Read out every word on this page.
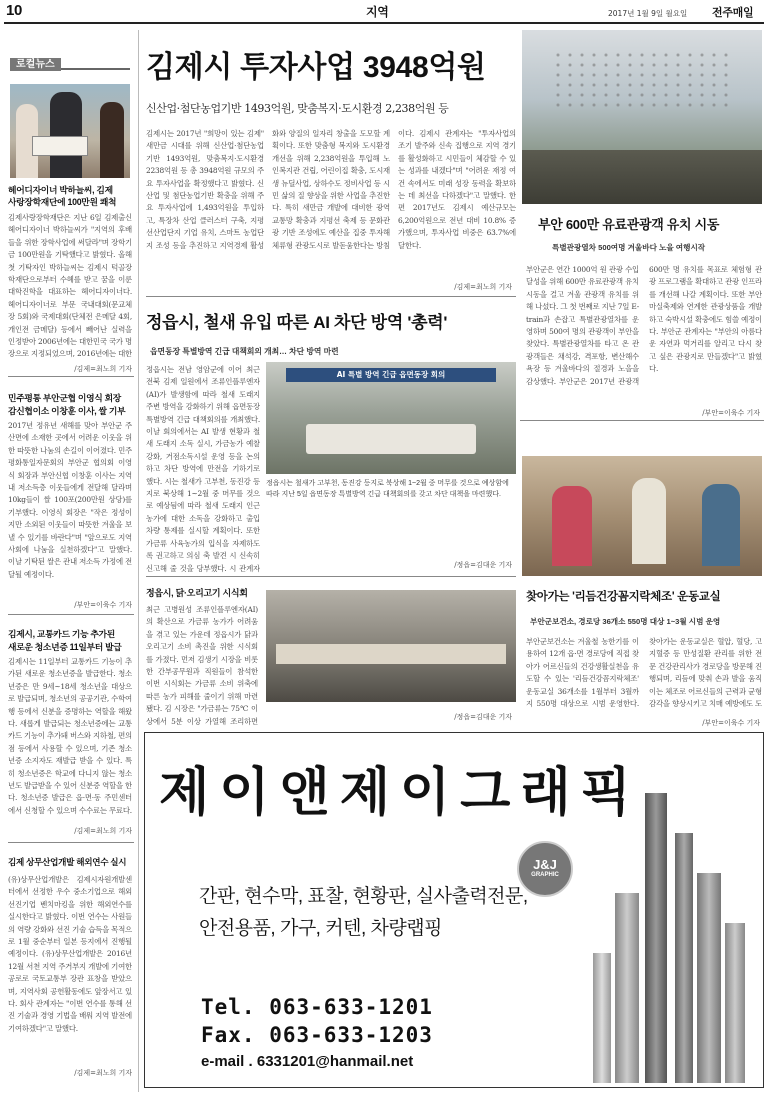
10	지역	2017년 1월 9일 월요일 전주매일
로컬뉴스
헤어디자이너 박하늘씨, 김제
사랑장학재단에 100만원 쾌척
김제사랑장학재단은 지난 6일 김제출신 헤어디자이너 박하늘씨가 "지역의 후배들을 위한 장학사업에 써달라"며 장학기금 100만원을 기탁했다고 밝혔다. 올해 첫 기탁자인 박하늘씨는 김제시 턱골장학재단으로부터 수혜를 받고 꿈을 이룬 대학진학을 대표하는 헤어디자이너다. 헤어디자이너로 부문 국내대회(문교체장 5회)와 국제대회(단체전 은메달 4회, 개인전 금메달) 등에서 빼어난 실력을 인정받아 2006년에는 대한민국 국가 명장으로 지정되었으며, 2016년에는 대한
/김제=최노희 기자
민주평통 부안군협 이영식 회장
감신협이소 이창훈 이사, 쌀 기부
2017년 정유년 새해를 맞아 부안군 주산면에 소재한 곳에서 어려운 이웃을 위한 따뜻한 나눔의 손길이 이어졌다. 민주평화통일자문회의 부안군 협의회 이영식 회장과 부안신협 이창훈 이사는 지역 내 저소득층 이웃들에게 전달해 달라며 10kg들이 쌀 100포(200만원 상당)를 기부했다. 이영식 회장은 "작은 정성이지만 소외된 이웃들이 따뜻한 겨울을 보낼 수 있기를 바란다"며 "앞으로도 지역사회에 나눔을 실천하겠다"고 말했다. 이날 기탁된 쌀은 관내 저소득 가정에 전달될 예정이다.
/부안=이육수 기자
김제시, 교통카드 기능 추가된
새로운 청소년증 11일부터 발급
김제시는 11일부터 교통카드 기능이 추가된 새로운 청소년증을 발급한다. 청소년증은 만 9세~18세 청소년을 대상으로 발급되며, 청소년의 공공기관, 수학여행 등에서 신분을 증명하는 역할을 해왔다. 새롭게 발급되는 청소년증에는 교통카드 기능이 추가돼 버스와 지하철, 편의점 등에서 사용할 수 있으며, 기존 청소년증 소지자도 재발급 받을 수 있다. 특히 청소년증은 학교에 다니지 않는 청소년도 발급받을 수 있어 신분증 역할을 한다. 청소년증 발급은 읍·면·동 주민센터에서 신청할 수 있으며 수수료는 무료다.
/김제=최노희 기자
김제 상무산업개발 해외연수 실시
(유)상무산업개발은 김제시자원개발센터에서 선정한 우수 중소기업으로 해외 선진기업 벤치마킹을 위한 해외연수를 실시한다고 밝혔다. 이번 연수는 사원들의 역량 강화와 선진 기술 습득을 목적으로 1월 중순부터 일본 등지에서 진행될 예정이다. (유)상무산업개발은 2016년 12월 서천 지역 주거부지 개발에 기여한 공로로 국토교통부 장관 표창을 받았으며, 지역사회 공헌활동에도 앞장서고 있다. 회사 관계자는 "이번 연수를 통해 선진 기술과 경영 기법을 배워 지역 발전에 기여하겠다"고 말했다.
/김제=최노희 기자
김제시 투자사업 3948억원
신산업·첨단농업기반 1493억원, 맞춤복지·도시환경 2,238억원 등
김제시는 2017년 "희망이 있는 김제" 새만금 시대를 위해 신산업·첨단농업기반 1493억원, 맞춤복지·도시환경 2238억원 등 총 3948억원 규모의 주요 투자사업을 확정했다고 밝혔다. 신산업 및 첨단농업기반 확충을 위해 주요 투자사업에 1,493억원을 투입하고, 특장차 산업 클러스터 구축, 지평선산업단지 기업 유치, 스마트 농업단지 조성 등을 추진하고 지역경제 활성화와 양질의 일자리 창출을 도모할 계획이다. 또한 맞춤형 복지와 도시환경 개선을 위해 2,238억원을 투입해 노인복지관 건립, 어린이집 확충, 도시재생 뉴딜사업, 상하수도 정비사업 등 시민 삶의 질 향상을 위한 사업을 추진한다. 특히 새만금 개발에 대비한 광역 교통망 확충과 지평선 축제 등 문화관광 기반 조성에도 예산을 집중 투자해 체류형 관광도시로 발돋움한다는 방침이다. 김제시 관계자는 "투자사업의 조기 발주와 신속 집행으로 지역 경기를 활성화하고 시민들이 체감할 수 있는 성과를 내겠다"며 "어려운 재정 여건 속에서도 미래 성장 동력을 확보하는 데 최선을 다하겠다"고 말했다. 한편 2017년도 김제시 예산규모는 6,200억원으로 전년 대비 10.8% 증가했으며, 투자사업 비중은 63.7%에 달한다.
/김제=최노희 기자
부안 600만 유료관광객 유치 시동
특별관광열차 500여명 겨울바다 노을 여행시작
부안군은 연간 1000억 원 관광 수입 달성을 위해 600만 유료관광객 유치 시동을 걸고 겨울 관광객 유치를 위해 나섰다. 그 첫 번째로 지난 7일 E-train과 손잡고 특별관광열차를 운영하며 500여 명의 관광객이 부안을 찾았다. 특별관광열차를 타고 온 관광객들은 채석강, 격포항, 변산해수욕장 등 겨울바다의 절경과 노을을 감상했다. 부안군은 2017년 관광객 600만 명 유치를 목표로 체험형 관광 프로그램을 확대하고 관광 인프라를 개선해 나갈 계획이다. 또한 부안 마실축제와 연계한 관광상품을 개발하고 숙박시설 확충에도 힘쓸 예정이다. 부안군 관계자는 "부안의 아름다운 자연과 먹거리를 알리고 다시 찾고 싶은 관광지로 만들겠다"고 밝혔다.
/부안=이육수 기자
정읍시, 철새 유입 따른 AI 차단 방역 '총력'
읍면동장 특별방역 긴급 대책회의 개최… 차단 방역 마련
정읍시는 전남 영암군에 이어 최근 전북 김제 일원에서 조류인플루엔자(AI)가 발생함에 따라 철새 도래지 주변 방역을 강화하기 위해 읍면동장 특별방역 긴급 대책회의를 개최했다. 이날 회의에서는 AI 발생 현황과 철새 도래지 소독 실시, 가금농가 예찰 강화, 거점소독시설 운영 등을 논의하고 차단 방역에 만전을 기하기로 했다. 시는 철새가 고부천, 동진강 등지로 북상해 1~2월 중 머무를 것으로 예상됨에 따라 철새 도래지 인근 농가에 대한 소독을 강화하고 출입 차량 통제를 실시할 계획이다. 또한 가금류 사육농가의 입식을 자제하도록 권고하고 의심 축 발견 시 신속히 신고해 줄 것을 당부했다. 시 관계자
AI 특별 방역 긴급 읍면동장 회의
정읍시는 철새가 고부천, 동진강 등지로 북상해 1~2월 중 머무를 것으로 예상함에 따라 지난 5일 읍면동장 특별방역 긴급 대책회의를 갖고 차단 대책을 마련했다.
/정읍=김대운 기자
정읍시, 닭·오리고기 시식회
최근 고병원성 조류인플루엔자(AI)의 확산으로 가금류 농가가 어려움을 겪고 있는 가운데 정읍시가 닭과 오리고기 소비 촉진을 위한 시식회를 가졌다. 먼저 김생기 시장을 비롯한 간부공무원과 직원들이 참석한 이번 시식회는 가금류 소비 위축에 따른 농가 피해를 줄이기 위해 마련됐다. 김 시장은 "가금류는 75℃ 이상에서 5분 이상 가열해 조리하면	/정읍=김대운 기자
찾아가는 '리듬건강꼼지락체조' 운동교실
부안군보건소, 경로당 36개소 550명 대상 1~3월 시범 운영
부안군보건소는 겨울철 농한기를 이용하여 12개 읍·면 경로당에 직접 찾아가 어르신들의 건강생활실천을 유도할 수 있는 '리듬건강꼼지락체조' 운동교실 36개소를 1월부터 3월까지 550명 대상으로 시범 운영한다. 찾아가는 운동교실은 혈압, 혈당, 고지혈증 등 만성질환 관리를 위한 전문 건강관리사가 경로당을 방문해 진행되며, 리듬에 맞춰 손과 발을 움직이는 체조로 어르신들의 근력과 균형감각을 향상시키고 치매 예방에도 도
/부안=이육수 기자
제이앤제이그래픽
J&J
GRAPHIC
간판, 현수막, 표찰, 현황판, 실사출력전문,
안전용품, 가구, 커텐, 차량랩핑
Tel. 063-633-1201
Fax. 063-633-1203
e-mail . 6331201@hanmail.net
